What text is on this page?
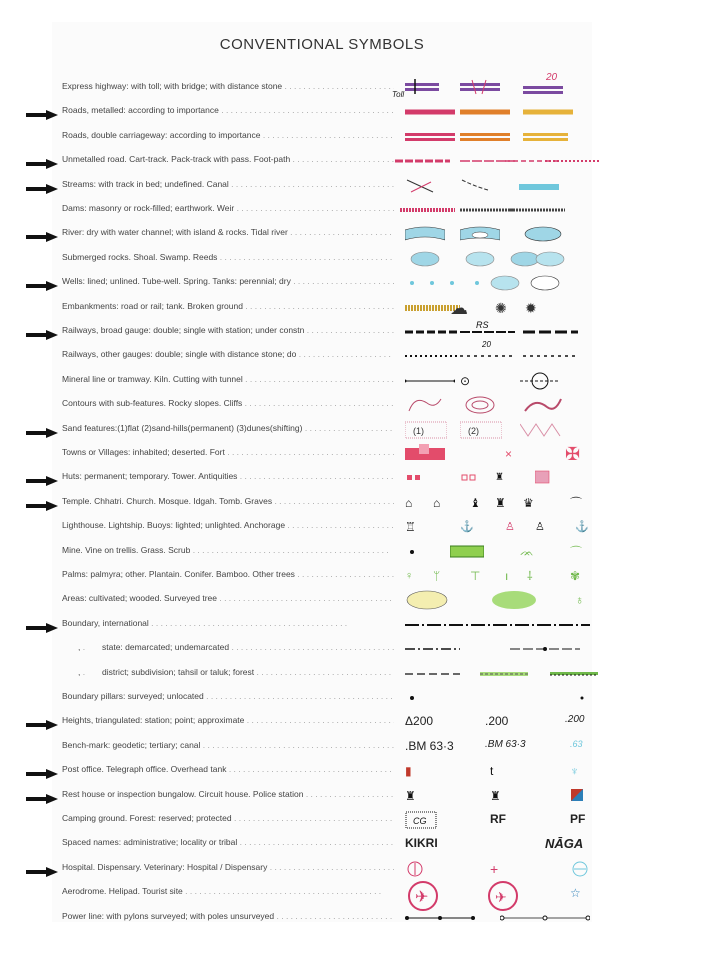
CONVENTIONAL SYMBOLS
Express highway: with toll; with bridge; with distance stone . . .
Toll
20
Roads, metalled: according to importance . . .
Roads, double carriageway: according to importance . . .
Unmetalled road. Cart-track. Pack-track with pass. Foot-path . . .
Streams: with track in bed; undefined. Canal . . .
Dams: masonry or rock-filled; earthwork. Weir . . .
River: dry with water channel; with island & rocks. Tidal river . . .
Submerged rocks. Shoal. Swamp. Reeds . . .
Wells: lined; unlined. Tube-well. Spring. Tanks: perennial; dry . . .
Embankments: road or rail; tank. Broken ground . . .	☁ ✺ ✹
Railways, broad gauge: double; single with station; under constn . . .	RS
Railways, other gauges: double; single with distance stone; do . . .
20
Mineral line or tramway. Kiln. Cutting with tunnel . . .	⊙
Contours with sub-features. Rocky slopes. Cliffs . . .
Sand features:(1)flat (2)sand-hills(permanent) (3)dunes(shifting) . . .	(1)	(2)
Towns or Villages: inhabited; deserted. Fort . . .	×	✠
Huts: permanent; temporary. Tower. Antiquities . . .	♜
Temple. Chhatri. Church. Mosque. Idgah. Tomb. Graves . . .	⌂ ⌂ ♝ ♜ ♛	⌒
Lighthouse. Lightship. Buoys: lighted; unlighted. Anchorage . . .	♖	⚓	♙ ♙	⚓
Mine. Vine on trellis. Grass. Scrub . . .	ᨏ	⌒
Palms: palmyra; other. Plantain. Conifer. Bamboo. Other trees . . .	♀ ᛘ ⊤ ı ⸸	✾
Areas: cultivated; wooded. Surveyed tree . . .	♁
Boundary, international . . .
, . . .	state: demarcated; undemarcated . . .
, . . .	district; subdivision; tahsil or taluk; forest . . .
Boundary pillars: surveyed; unlocated . . .
Heights, triangulated: station; point; approximate . . .	Δ200	.200	.200
Bench-mark: geodetic; tertiary; canal . . .	.BM 63·3	.BM 63·3	.63
Post office. Telegraph office. Overhead tank . . .	▮	t	♆
Rest house or inspection bungalow. Circuit house. Police station . . .	♜	♜
Camping ground. Forest: reserved; protected . . .	CG	RF	PF
Spaced names: administrative; locality or tribal . . .	KIKRI	NĀGA
Hospital. Dispensary. Veterinary: Hospital / Dispensary . . .	+
Aerodrome. Helipad. Tourist site . . .	✈	✈	☆
Power line: with pylons surveyed; with poles unsurveyed . . .
